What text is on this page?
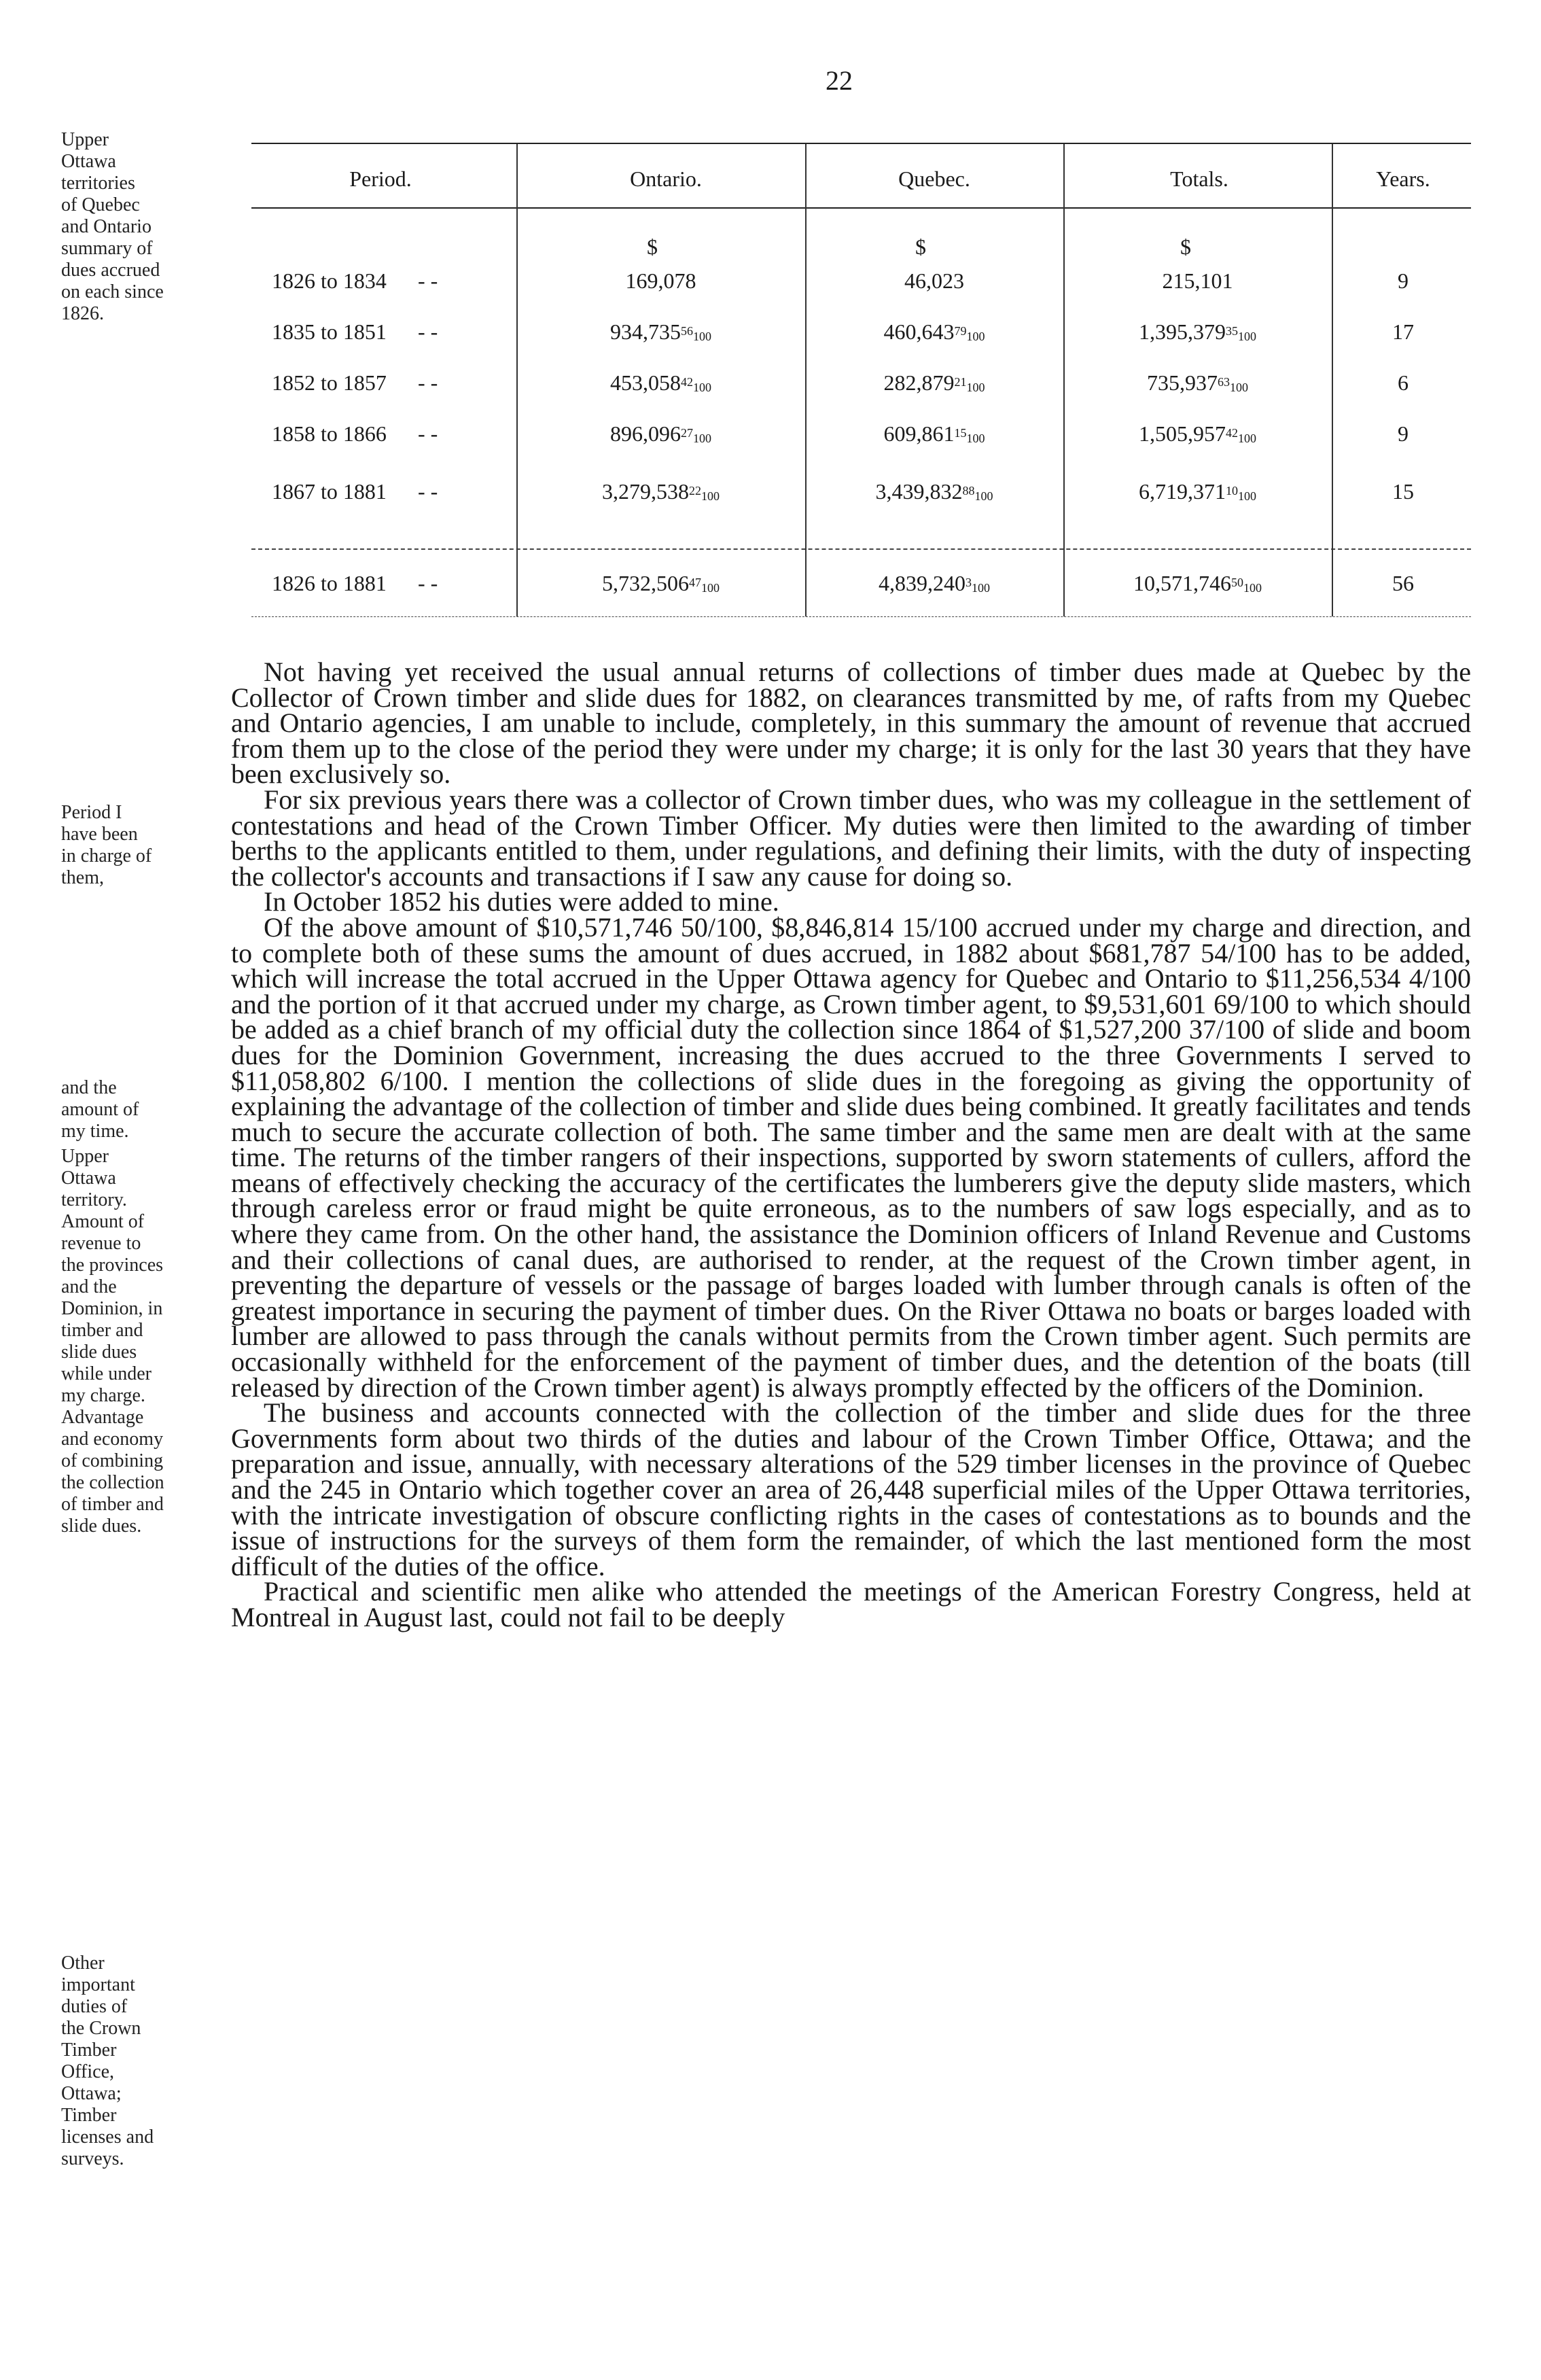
22
Upper
Ottawa
territories
of Quebec
and Ontario
summary of
dues accrued
on each since
1826.
Period I
have been
in charge of
them,
and the
amount of
my time.
Upper
Ottawa
territory.
Amount of
revenue to
the provinces
and the
Dominion, in
timber and
slide dues
while under
my charge.
Advantage
and economy
of combining
the collection
of timber and
slide dues.
Other
important
duties of
the Crown
Timber
Office,
Ottawa;
Timber
licenses and
surveys.
Period.	Ontario.	Quebec.	Totals.	Years.
$	$	$
1826 to 1834 - -	169,078	46,023	215,101	9
1835 to 1851 - -	$934,735^{56}_{100}$	$460,643^{79}_{100}$	$1,395,379^{35}_{100}$	17
1852 to 1857 - -	$453,058^{42}_{100}$	$282,879^{21}_{100}$	$735,937^{63}_{100}$	6
1858 to 1866 - -	$896,096^{27}_{100}$	$609,861^{15}_{100}$	$1,505,957^{42}_{100}$	9
1867 to 1881 - -	$3,279,538^{22}_{100}$	$3,439,832^{88}_{100}$	$6,719,371^{10}_{100}$	15
1826 to 1881 - -	$5,732,506^{47}_{100}$	$4,839,240^3_{100}$	$10,571,746^{50}_{100}$	56

Not having yet received the usual annual returns of collections of timber dues made at Quebec by the Collector of Crown timber and slide dues for 1882, on clearances transmitted by me, of rafts from my Quebec and Ontario agencies, I am unable to include, completely, in this summary the amount of revenue that accrued from them up to the close of the period they were under my charge; it is only for the last 30 years that they have been exclusively so.

For six previous years there was a collector of Crown timber dues, who was my colleague in the settlement of contestations and head of the Crown Timber Officer. My duties were then limited to the awarding of timber berths to the applicants entitled to them, under regulations, and defining their limits, with the duty of inspecting the collector's accounts and transactions if I saw any cause for doing so.

In October 1852 his duties were added to mine.

Of the above amount of $10,571,746 50/100, $8,846,814 15/100 accrued under my charge and direction, and to complete both of these sums the amount of dues accrued, in 1882 about $681,787 54/100 has to be added, which will increase the total accrued in the Upper Ottawa agency for Quebec and Ontario to $11,256,534 4/100 and the portion of it that accrued under my charge, as Crown timber agent, to $9,531,601 69/100 to which should be added as a chief branch of my official duty the collection since 1864 of $1,527,200 37/100 of slide and boom dues for the Dominion Government, increasing the dues accrued to the three Governments I served to $11,058,802 6/100. I mention the collections of slide dues in the foregoing as giving the opportunity of explaining the advantage of the collection of timber and slide dues being combined. It greatly facilitates and tends much to secure the accurate collection of both. The same timber and the same men are dealt with at the same time. The returns of the timber rangers of their inspections, supported by sworn statements of cullers, afford the means of effectively checking the accuracy of the certificates the lumberers give the deputy slide masters, which through careless error or fraud might be quite erroneous, as to the numbers of saw logs especially, and as to where they came from. On the other hand, the assistance the Dominion officers of Inland Revenue and Customs and their collections of canal dues, are authorised to render, at the request of the Crown timber agent, in preventing the departure of vessels or the passage of barges loaded with lumber through canals is often of the greatest importance in securing the payment of timber dues. On the River Ottawa no boats or barges loaded with lumber are allowed to pass through the canals without permits from the Crown timber agent. Such permits are occasionally withheld for the enforcement of the payment of timber dues, and the detention of the boats (till released by direction of the Crown timber agent) is always promptly effected by the officers of the Dominion.

The business and accounts connected with the collection of the timber and slide dues for the three Governments form about two thirds of the duties and labour of the Crown Timber Office, Ottawa; and the preparation and issue, annually, with necessary alterations of the 529 timber licenses in the province of Quebec and the 245 in Ontario which together cover an area of 26,448 superficial miles of the Upper Ottawa territories, with the intricate investigation of obscure conflicting rights in the cases of contestations as to bounds and the issue of instructions for the surveys of them form the remainder, of which the last mentioned form the most difficult of the duties of the office.

Practical and scientific men alike who attended the meetings of the American Forestry Congress, held at Montreal in August last, could not fail to be deeply
